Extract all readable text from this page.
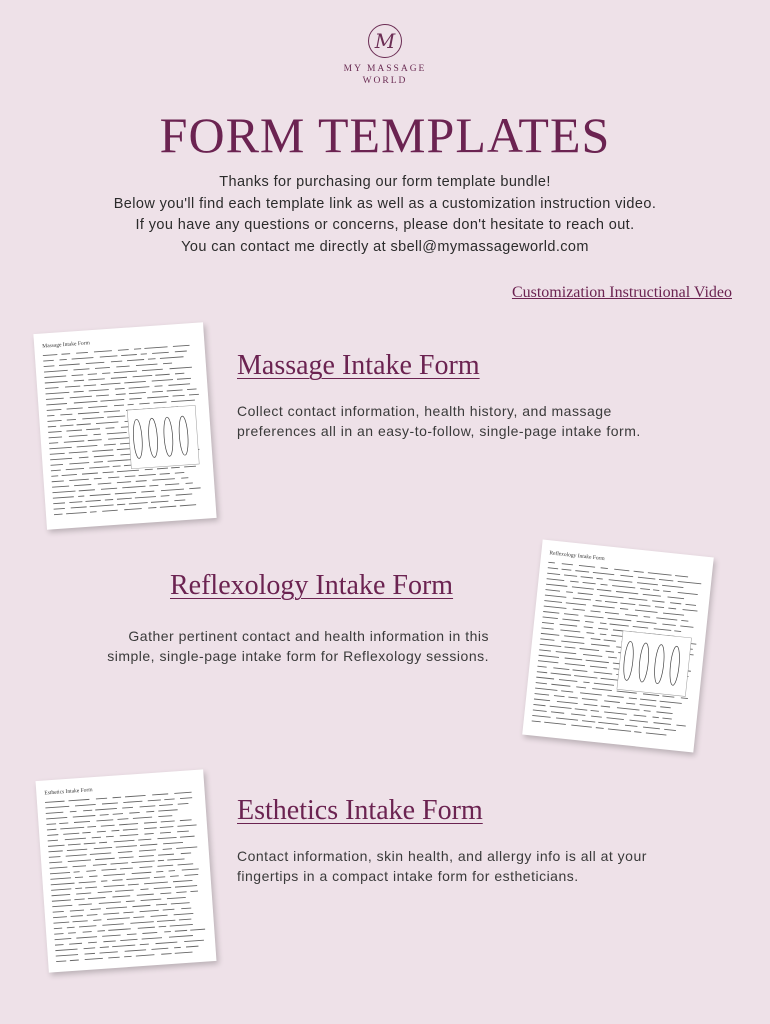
M
MY MASSAGE
WORLD
FORM TEMPLATES
Thanks for purchasing our form template bundle!
Below you'll find each template link as well as a customization instruction video.
If you have any questions or concerns, please don't hesitate to reach out.
You can contact me directly at sbell@mymassageworld.com
Customization Instructional Video
Massage Intake Form
Massage Intake Form
Collect contact information, health history, and massage
preferences all in an easy-to-follow, single-page intake form.
Reflexology Intake Form
Gather pertinent contact and health information in this
simple, single-page intake form for Reflexology sessions.
Reflexology Intake Form
Esthetics Intake Form
Esthetics Intake Form
Contact information, skin health, and allergy info is all at your
fingertips in a compact intake form for estheticians.
